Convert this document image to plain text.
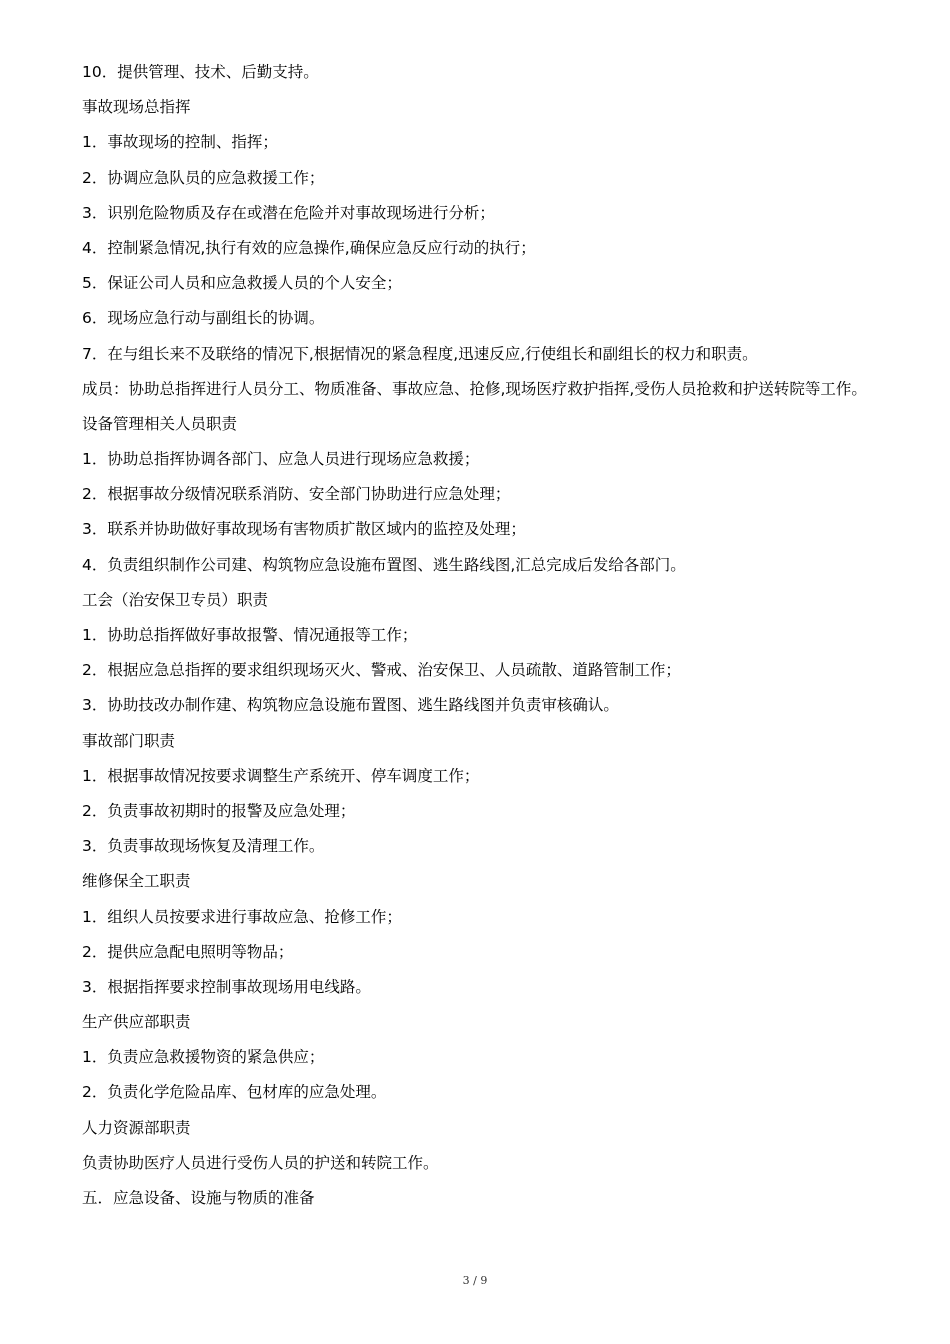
10．提供管理、技术、后勤支持。

事故现场总指挥

1．事故现场的控制、指挥；

2．协调应急队员的应急救援工作；

3．识别危险物质及存在或潜在危险并对事故现场进行分析；

4．控制紧急情况,执行有效的应急操作,确保应急反应行动的执行；

5．保证公司人员和应急救援人员的个人安全；

6．现场应急行动与副组长的协调。

7．在与组长来不及联络的情况下,根据情况的紧急程度,迅速反应,行使组长和副组长的权力和职责。

成员：协助总指挥进行人员分工、物质准备、事故应急、抢修,现场医疗救护指挥,受伤人员抢救和护送转院等工作。

设备管理相关人员职责

1．协助总指挥协调各部门、应急人员进行现场应急救援；

2．根据事故分级情况联系消防、安全部门协助进行应急处理；

3．联系并协助做好事故现场有害物质扩散区域内的监控及处理；

4．负责组织制作公司建、构筑物应急设施布置图、逃生路线图,汇总完成后发给各部门。

工会（治安保卫专员）职责

1．协助总指挥做好事故报警、情况通报等工作；

2．根据应急总指挥的要求组织现场灭火、警戒、治安保卫、人员疏散、道路管制工作；

3．协助技改办制作建、构筑物应急设施布置图、逃生路线图并负责审核确认。

事故部门职责

1．根据事故情况按要求调整生产系统开、停车调度工作；

2．负责事故初期时的报警及应急处理；

3．负责事故现场恢复及清理工作。

维修保全工职责

1．组织人员按要求进行事故应急、抢修工作；

2．提供应急配电照明等物品；

3．根据指挥要求控制事故现场用电线路。

生产供应部职责

1．负责应急救援物资的紧急供应；

2．负责化学危险品库、包材库的应急处理。

人力资源部职责

负责协助医疗人员进行受伤人员的护送和转院工作。

五．应急设备、设施与物质的准备

3 / 9
